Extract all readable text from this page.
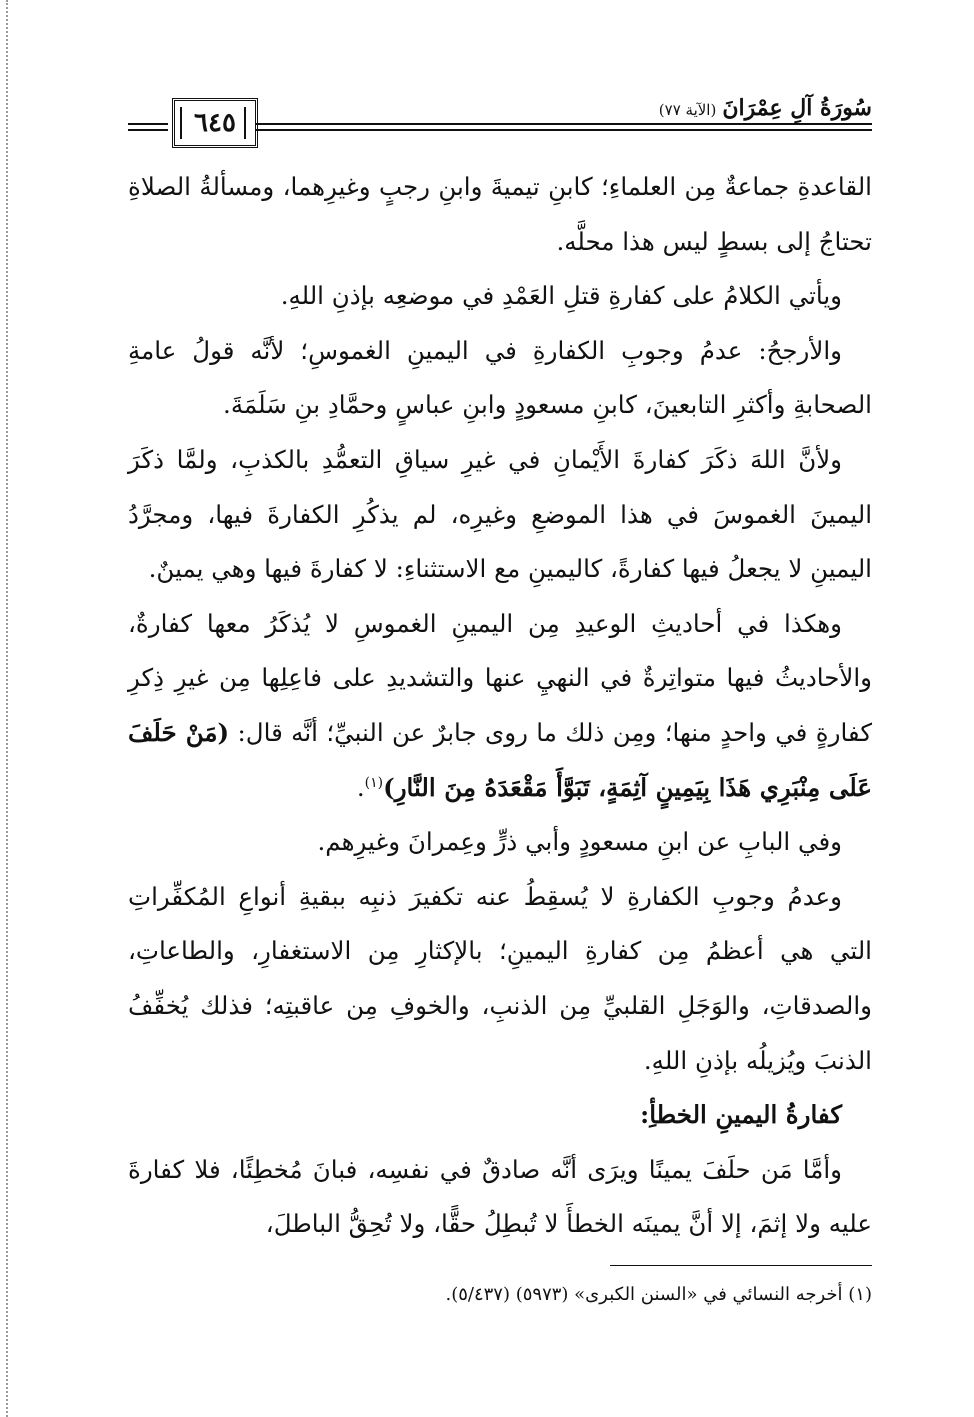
٦٤٥	سُورَةُ آلِ عِمْرَانَ (الآية ٧٧)

القاعدةِ جماعةٌ مِن العلماءِ؛ كابنِ تيميةَ وابنِ رجبٍ وغيرِهما، ومسألةُ الصلاةِ تحتاجُ إلى بسطٍ ليس هذا محلَّه.

ويأتي الكلامُ على كفارةِ قتلِ العَمْدِ في موضعِه بإذنِ اللهِ.

والأرجحُ: عدمُ وجوبِ الكفارةِ في اليمينِ الغموسِ؛ لأنَّه قولُ عامةِ الصحابةِ وأكثرِ التابعينَ، كابنِ مسعودٍ وابنِ عباسٍ وحمَّادِ بنِ سَلَمَةَ.

ولأنَّ اللهَ ذكَرَ كفارةَ الأَيْمانِ في غيرِ سياقِ التعمُّدِ بالكذبِ، ولمَّا ذكَرَ اليمينَ الغموسَ في هذا الموضعِ وغيرِه، لم يذكُرِ الكفارةَ فيها، ومجرَّدُ اليمينِ لا يجعلُ فيها كفارةً، كاليمينِ مع الاستثناءِ: لا كفارةَ فيها وهي يمينٌ.

وهكذا في أحاديثِ الوعيدِ مِن اليمينِ الغموسِ لا يُذكَرُ معها كفارةٌ، والأحاديثُ فيها متواتِرةٌ في النهيِ عنها والتشديدِ على فاعِلِها مِن غيرِ ذِكرِ كفارةٍ في واحدٍ منها؛ ومِن ذلك ما روى جابرٌ عن النبيِّ؛ أنَّه قال: (مَنْ حَلَفَ عَلَى مِنْبَرِي هَذَا بِيَمِينٍ آثِمَةٍ، تَبَوَّأَ مَقْعَدَهُ مِنَ النَّارِ)$^{(١)}$.

وفي البابِ عن ابنِ مسعودٍ وأبي ذرٍّ وعِمرانَ وغيرِهم.

وعدمُ وجوبِ الكفارةِ لا يُسقِطُ عنه تكفيرَ ذنبِه ببقيةِ أنواعِ المُكفِّراتِ التي هي أعظمُ مِن كفارةِ اليمينِ؛ بالإكثارِ مِن الاستغفارِ، والطاعاتِ، والصدقاتِ، والوَجَلِ القلبيِّ مِن الذنبِ، والخوفِ مِن عاقبتِه؛ فذلك يُخفِّفُ الذنبَ ويُزيلُه بإذنِ اللهِ.

كفارةُ اليمينِ الخطأِ:

وأمَّا مَن حلَفَ يمينًا ويرَى أنَّه صادقٌ في نفسِه، فبانَ مُخطِئًا، فلا كفارةَ عليه ولا إثمَ، إلا أنَّ يمينَه الخطأَ لا تُبطِلُ حقًّا، ولا تُحِقُّ الباطلَ،

(١) أخرجه النسائي في «السنن الكبرى» (٥٩٧٣) (٥/٤٣٧).
